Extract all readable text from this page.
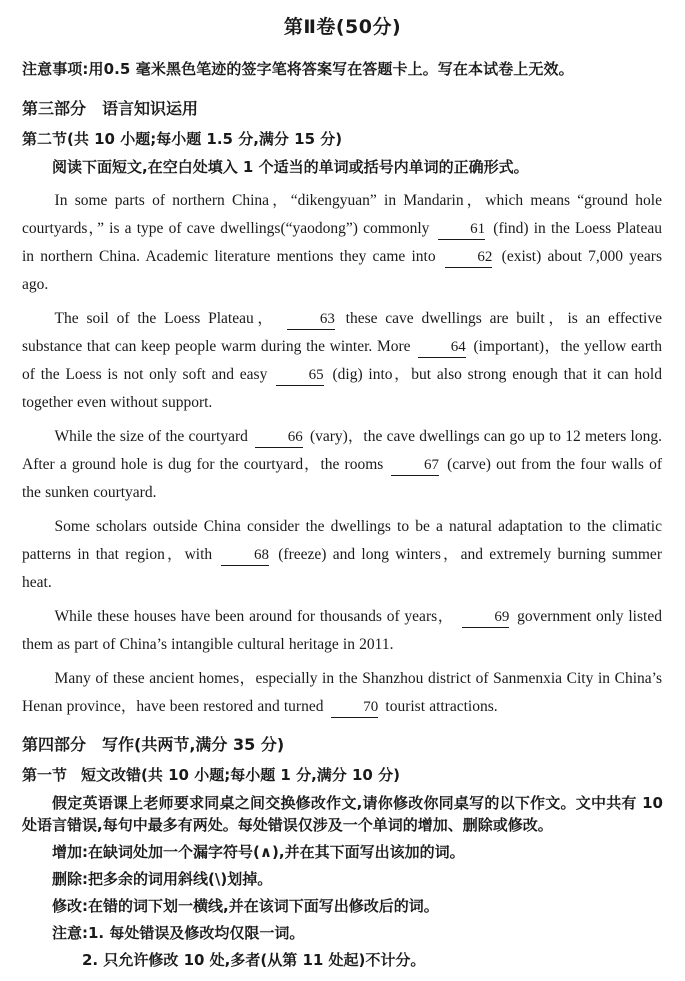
第Ⅱ卷(50分)
注意事项:用0.5 毫米黑色笔迹的签字笔将答案写在答题卡上。写在本试卷上无效。
第三部分 语言知识运用
第二节(共 10 小题;每小题 1.5 分,满分 15 分)
阅读下面短文,在空白处填入 1 个适当的单词或括号内单词的正确形式。
In some parts of northern China，“dikengyuan” in Mandarin，which means “ground hole courtyards，” is a type of cave dwellings(“yaodong”) commonly	61 (find) in the Loess Plateau in northern China. Academic literature mentions they came into	62 (exist) about 7,000 years ago.
The soil of the Loess Plateau，	63 these cave dwellings are built，is an effective substance that can keep people warm during the winter. More	64 (important)，the yellow earth of the Loess is not only soft and easy	65 (dig) into，but also strong enough that it can hold together even without support.
While the size of the courtyard	66 (vary)，the cave dwellings can go up to 12 meters long. After a ground hole is dug for the courtyard，the rooms	67 (carve) out from the four walls of the sunken courtyard.
Some scholars outside China consider the dwellings to be a natural adaptation to the climatic patterns in that region，with	68 (freeze) and long winters，and extremely burning summer heat.
While these houses have been around for thousands of years，	69 government only listed them as part of China’s intangible cultural heritage in 2011.
Many of these ancient homes，especially in the Shanzhou district of Sanmenxia City in China’s Henan province，have been restored and turned	70 tourist attractions.
第四部分 写作(共两节,满分 35 分)
第一节 短文改错(共 10 小题;每小题 1 分,满分 10 分)
假定英语课上老师要求同桌之间交换修改作文,请你修改你同桌写的以下作文。文中共有 10 处语言错误,每句中最多有两处。每处错误仅涉及一个单词的增加、删除或修改。
增加:在缺词处加一个漏字符号(∧),并在其下面写出该加的词。
删除:把多余的词用斜线(\)划掉。
修改:在错的词下划一横线,并在该词下面写出修改后的词。
注意:1. 每处错误及修改均仅限一词。
2. 只允许修改 10 处,多者(从第 11 处起)不计分。
